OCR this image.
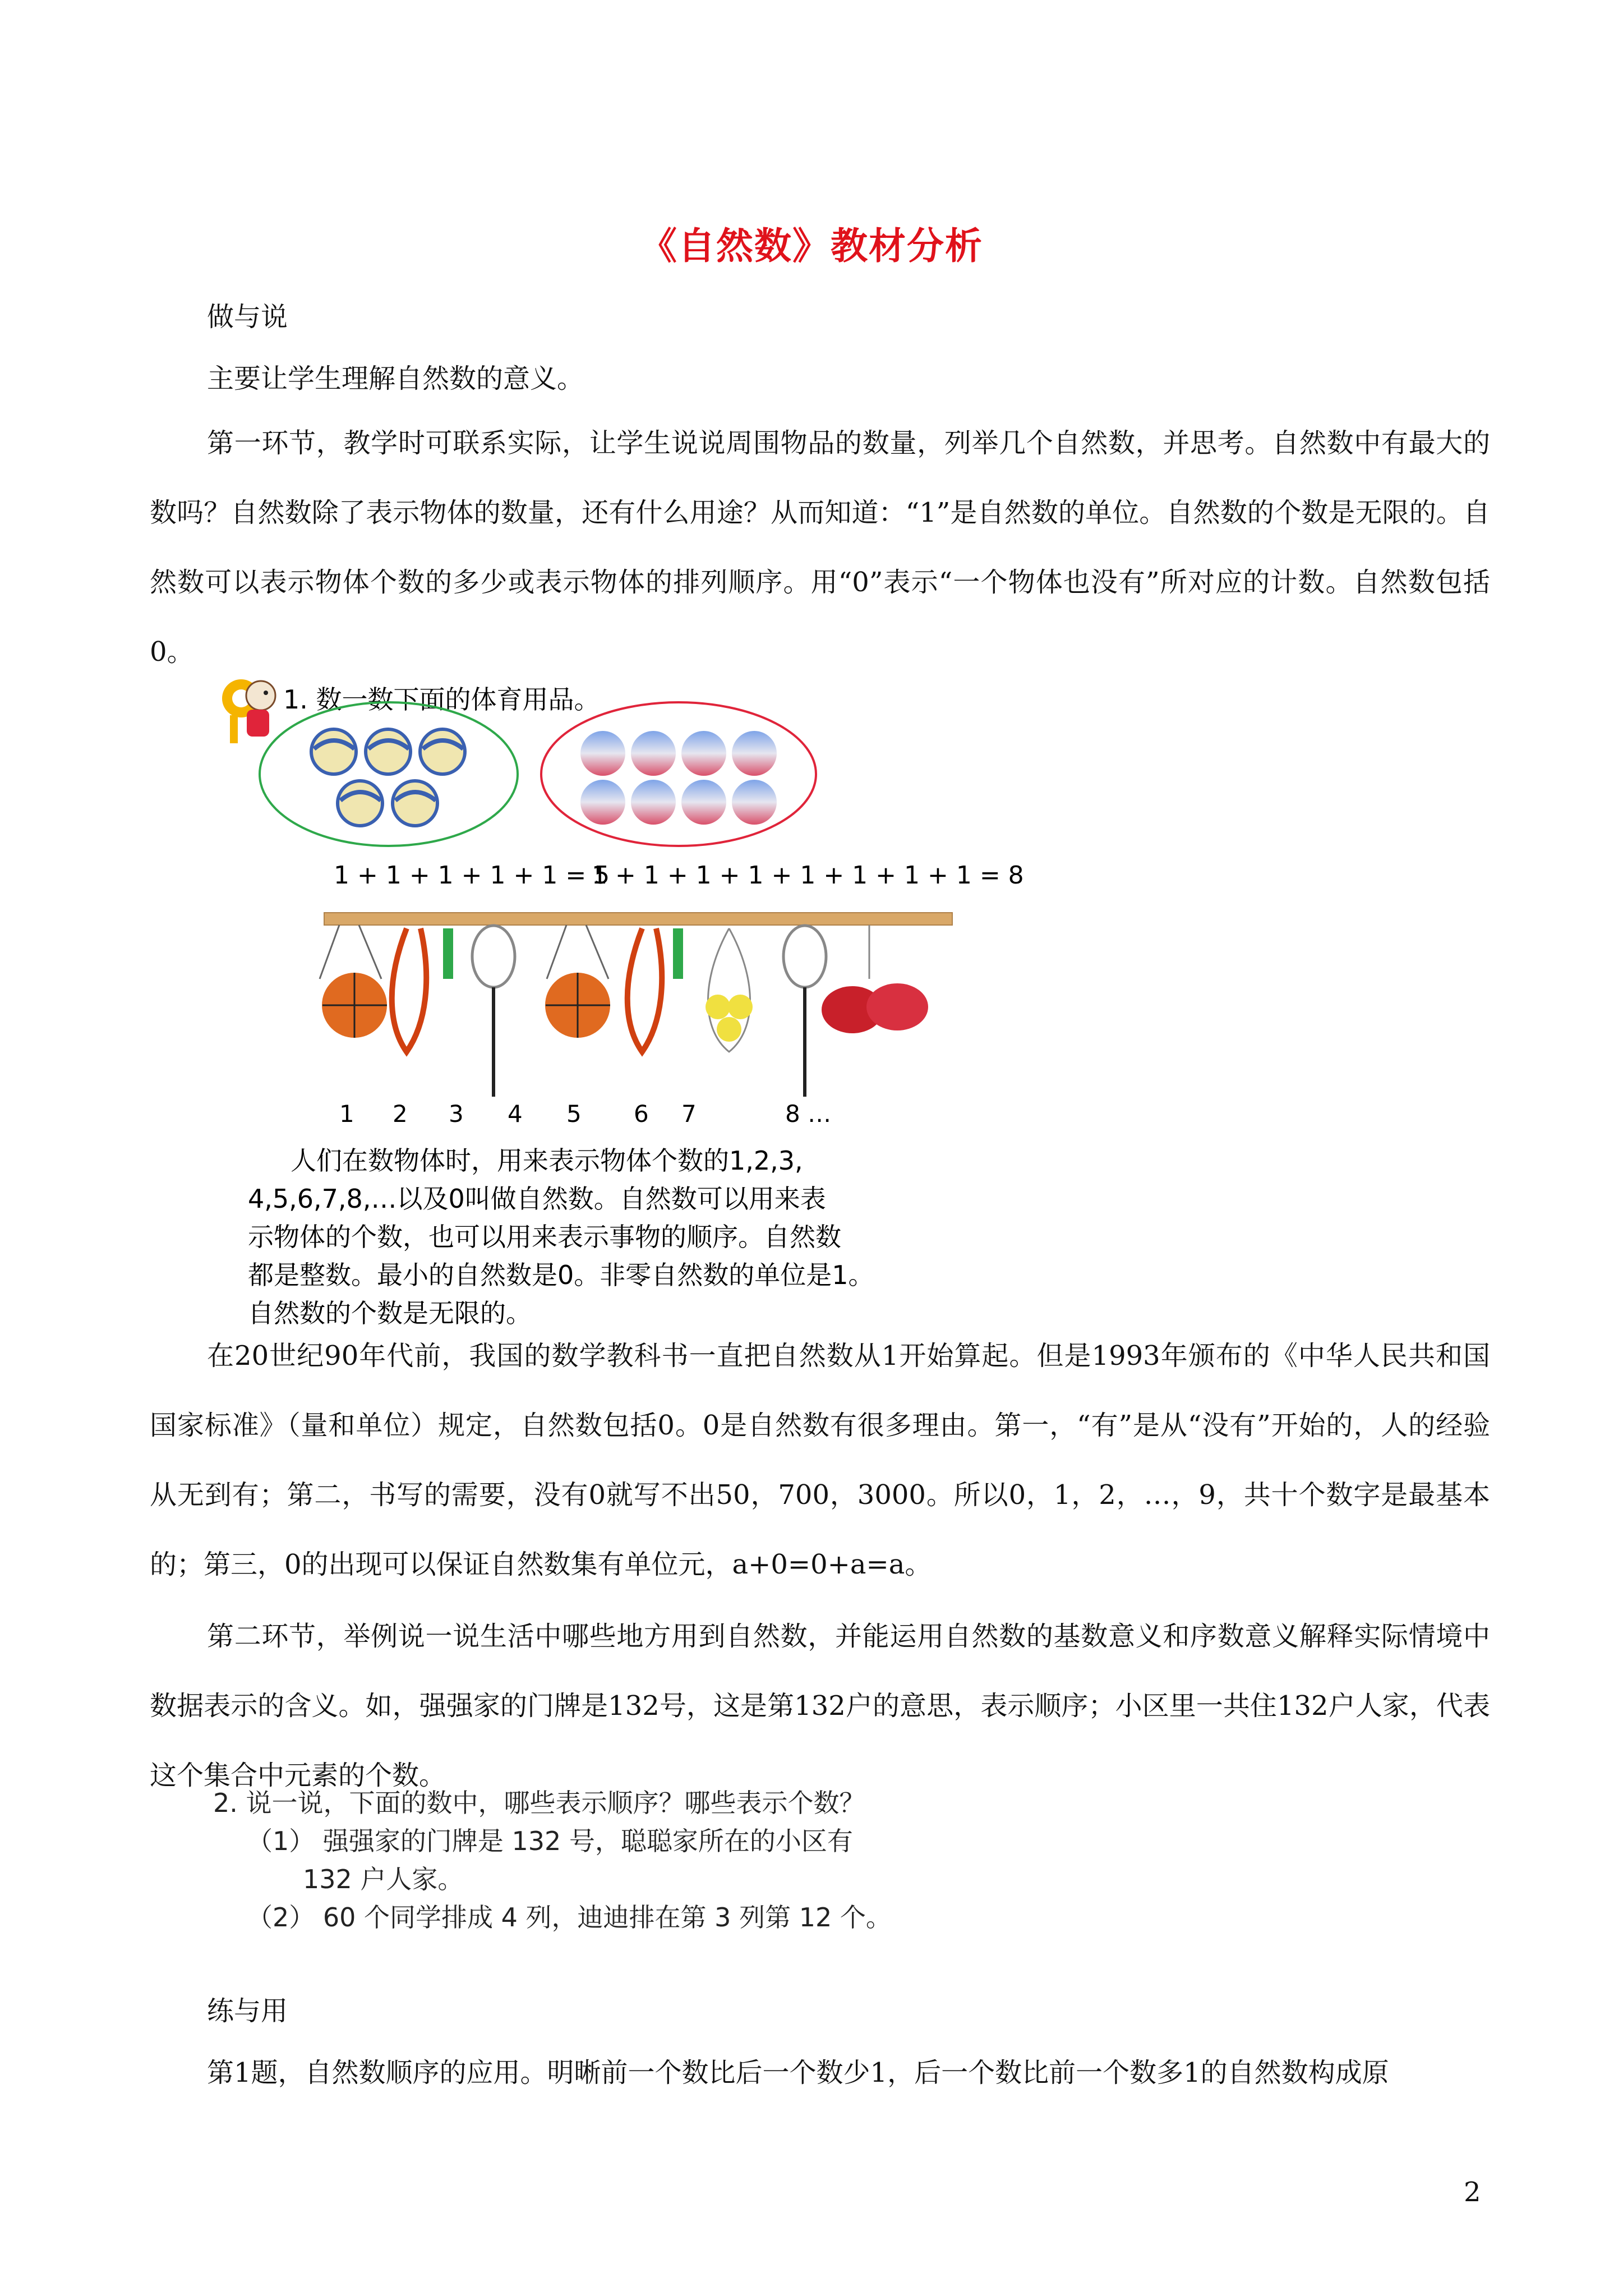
《自然数》教材分析
做与说
主要让学生理解自然数的意义。
第一环节，教学时可联系实际，让学生说说周围物品的数量，列举几个自然数，并思考。自然数中有最大的数吗？自然数除了表示物体的数量，还有什么用途？从而知道：“1”是自然数的单位。自然数的个数是无限的。自然数可以表示物体个数的多少或表示物体的排列顺序。用“0”表示“一个物体也没有”所对应的计数。自然数包括0。
1. 数一数下面的体育用品。
1 + 1 + 1 + 1 + 1 = 5
1 + 1 + 1 + 1 + 1 + 1 + 1 + 1 = 8
1 2 3 4 5 6 7	8 …
人们在数物体时，用来表示物体个数的1,2,3,
4,5,6,7,8,…以及0叫做自然数。自然数可以用来表
示物体的个数，也可以用来表示事物的顺序。自然数
都是整数。最小的自然数是0。非零自然数的单位是1。
自然数的个数是无限的。
在20世纪90年代前，我国的数学教科书一直把自然数从1开始算起。但是1993年颁布的《中华人民共和国国家标准》（量和单位）规定，自然数包括0。0是自然数有很多理由。第一，“有”是从“没有”开始的，人的经验从无到有；第二，书写的需要，没有0就写不出50，700，3000。所以0，1，2，…，9，共十个数字是最基本的；第三，0的出现可以保证自然数集有单位元，a+0=0+a=a。
第二环节，举例说一说生活中哪些地方用到自然数，并能运用自然数的基数意义和序数意义解释实际情境中数据表示的含义。如，强强家的门牌是132号，这是第132户的意思，表示顺序；小区里一共住132户人家，代表这个集合中元素的个数。
2. 说一说，下面的数中，哪些表示顺序？哪些表示个数？
（1） 强强家的门牌是 132 号，聪聪家所在的小区有
132 户人家。
（2） 60 个同学排成 4 列，迪迪排在第 3 列第 12 个。
练与用
第1题，自然数顺序的应用。明晰前一个数比后一个数少1，后一个数比前一个数多1的自然数构成原
2
